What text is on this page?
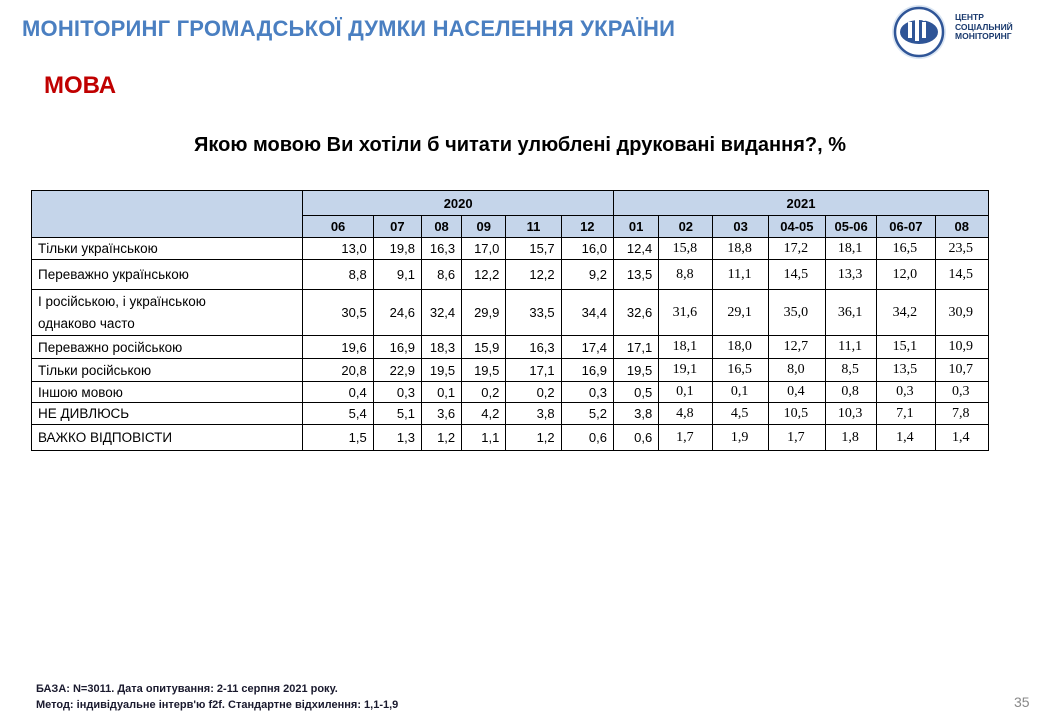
МОНІТОРИНГ ГРОМАДСЬКОЇ ДУМКИ НАСЕЛЕННЯ УКРАЇНИ	ЦЕНТР
СОЦІАЛЬНИЙ
МОНІТОРИНГ
МОВА
Якою мовою Ви хотіли б читати улюблені друковані видання?, %
	2020						2021						
	06	07	08	09	11	12	01	02	03	04-05	05-06	06-07	08
Тільки українською	13,0	19,8	16,3	17,0	15,7	16,0	12,4	15,8	18,8	17,2	18,1	16,5	23,5
Переважно українською	8,8	9,1	8,6	12,2	12,2	9,2	13,5	8,8	11,1	14,5	13,3	12,0	14,5

І російською, і українською
однаково часто	30,5	24,6	32,4	29,9	33,5	34,4	32,6	31,6	29,1	35,0	36,1	34,2	30,9
Переважно російською	19,6	16,9	18,3	15,9	16,3	17,4	17,1	18,1	18,0	12,7	11,1	15,1	10,9
Тільки російською	20,8	22,9	19,5	19,5	17,1	16,9	19,5	19,1	16,5	8,0	8,5	13,5	10,7
Іншою мовою	0,4	0,3	0,1	0,2	0,2	0,3	0,5	0,1	0,1	0,4	0,8	0,3	0,3
НЕ ДИВЛЮСЬ	5,4	5,1	3,6	4,2	3,8	5,2	3,8	4,8	4,5	10,5	10,3	7,1	7,8
ВАЖКО ВІДПОВІСТИ	1,5	1,3	1,2	1,1	1,2	0,6	0,6	1,7	1,9	1,7	1,8	1,4	1,4
БАЗА: N=3011. Дата опитування: 2-11 серпня 2021 року.
Метод: індивідуальне інтерв'ю f2f. Стандартне відхилення: 1,1-1,9	35
